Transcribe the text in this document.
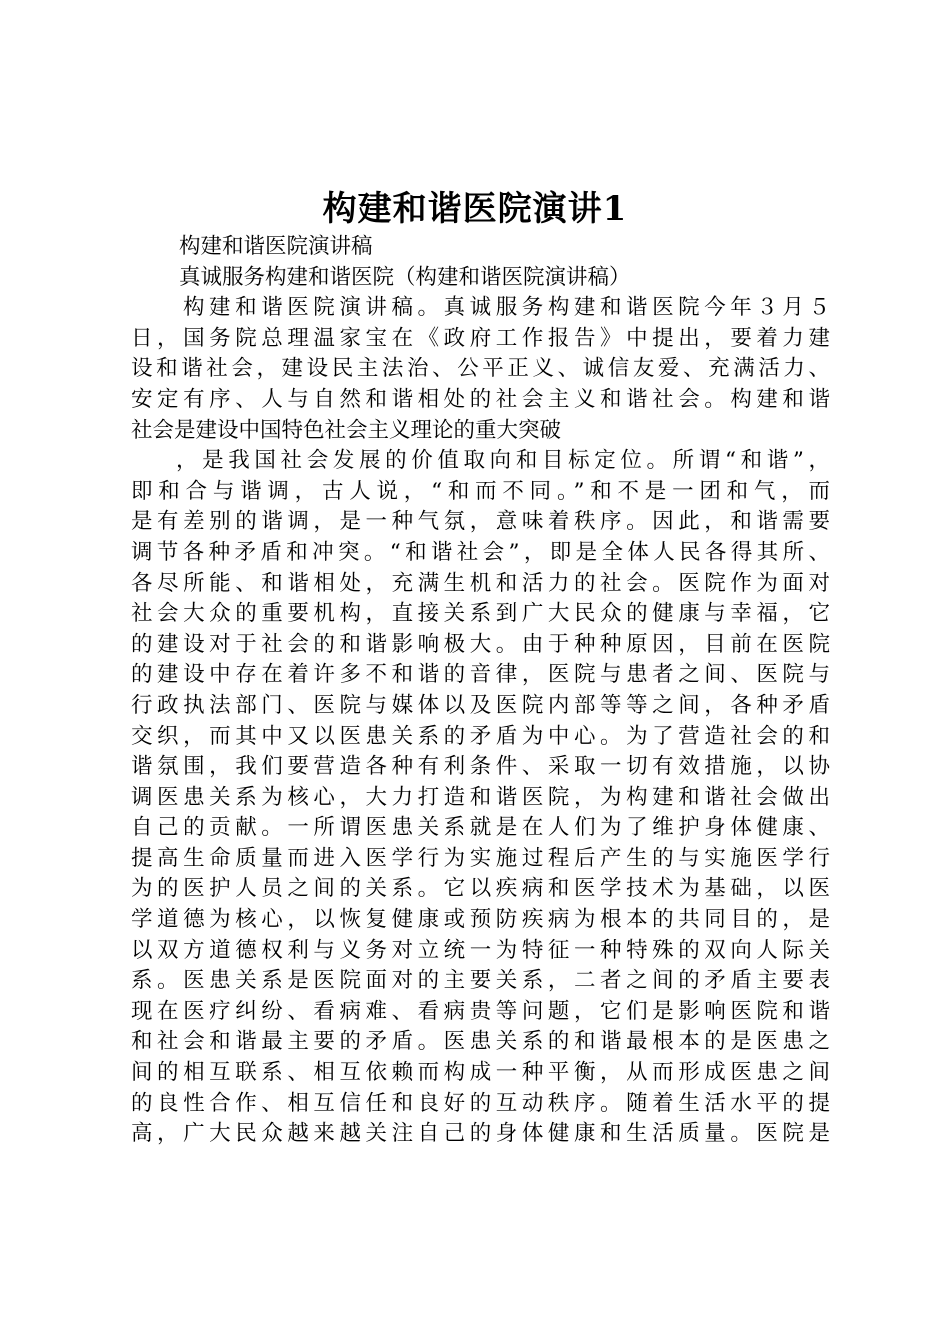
构建和谐医院演讲1

构建和谐医院演讲稿

真诚服务构建和谐医院（构建和谐医院演讲稿）

构建和谐医院演讲稿。真诚服务构建和谐医院今年３月５
日，国务院总理温家宝在《政府工作报告》中提出，要着力建
设和谐社会，建设民主法治、公平正义、诚信友爱、充满活力、
安定有序、人与自然和谐相处的社会主义和谐社会。构建和谐
社会是建设中国特色社会主义理论的重大突破

，是我国社会发展的价值取向和目标定位。所谓“和谐”，
即和合与谐调，古人说，“和而不同。”和不是一团和气，而
是有差别的谐调，是一种气氛，意味着秩序。因此，和谐需要
调节各种矛盾和冲突。“和谐社会”，即是全体人民各得其所、
各尽所能、和谐相处，充满生机和活力的社会。医院作为面对
社会大众的重要机构，直接关系到广大民众的健康与幸福，它
的建设对于社会的和谐影响极大。由于种种原因，目前在医院
的建设中存在着许多不和谐的音律，医院与患者之间、医院与
行政执法部门、医院与媒体以及医院内部等等之间，各种矛盾
交织，而其中又以医患关系的矛盾为中心。为了营造社会的和
谐氛围，我们要营造各种有利条件、采取一切有效措施，以协
调医患关系为核心，大力打造和谐医院，为构建和谐社会做出
自己的贡献。一所谓医患关系就是在人们为了维护身体健康、
提高生命质量而进入医学行为实施过程后产生的与实施医学行
为的医护人员之间的关系。它以疾病和医学技术为基础，以医
学道德为核心，以恢复健康或预防疾病为根本的共同目的，是
以双方道德权利与义务对立统一为特征一种特殊的双向人际关
系。医患关系是医院面对的主要关系，二者之间的矛盾主要表
现在医疗纠纷、看病难、看病贵等问题，它们是影响医院和谐
和社会和谐最主要的矛盾。医患关系的和谐最根本的是医患之
间的相互联系、相互依赖而构成一种平衡，从而形成医患之间
的良性合作、相互信任和良好的互动秩序。随着生活水平的提
高，广大民众越来越关注自己的身体健康和生活质量。医院是
